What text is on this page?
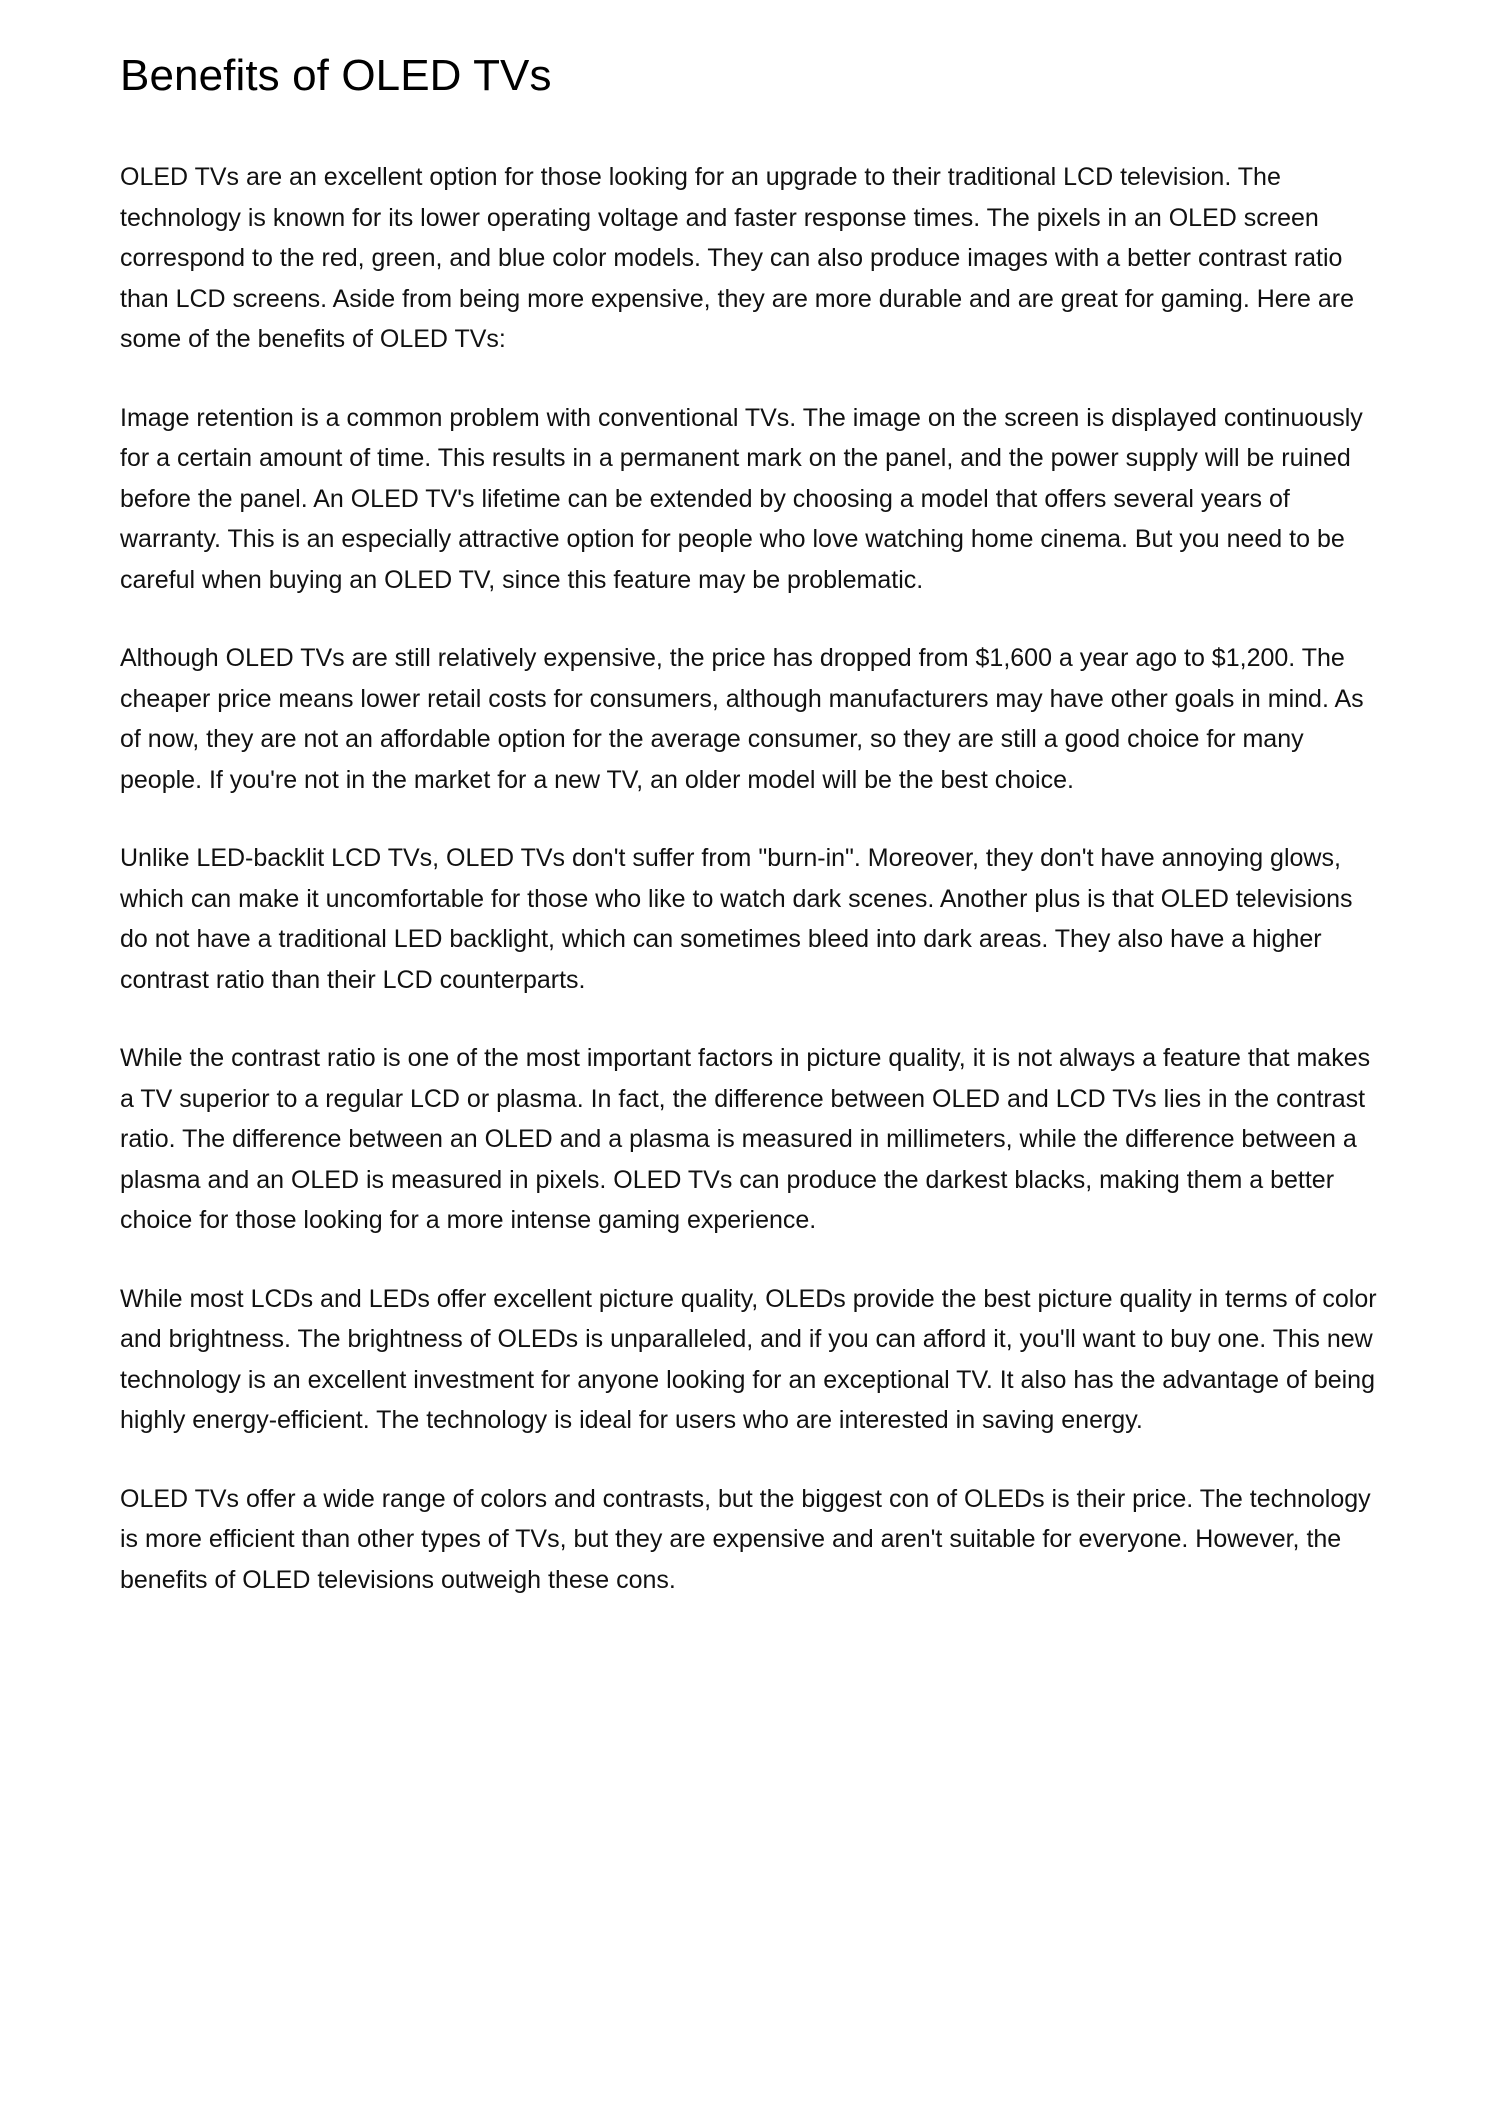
Benefits of OLED TVs

OLED TVs are an excellent option for those looking for an upgrade to their traditional LCD television. The technology is known for its lower operating voltage and faster response times. The pixels in an OLED screen correspond to the red, green, and blue color models. They can also produce images with a better contrast ratio than LCD screens. Aside from being more expensive, they are more durable and are great for gaming. Here are some of the benefits of OLED TVs:

Image retention is a common problem with conventional TVs. The image on the screen is displayed continuously for a certain amount of time. This results in a permanent mark on the panel, and the power supply will be ruined before the panel. An OLED TV's lifetime can be extended by choosing a model that offers several years of warranty. This is an especially attractive option for people who love watching home cinema. But you need to be careful when buying an OLED TV, since this feature may be problematic.

Although OLED TVs are still relatively expensive, the price has dropped from $1,600 a year ago to $1,200. The cheaper price means lower retail costs for consumers, although manufacturers may have other goals in mind. As of now, they are not an affordable option for the average consumer, so they are still a good choice for many people. If you're not in the market for a new TV, an older model will be the best choice.

Unlike LED-backlit LCD TVs, OLED TVs don't suffer from "burn-in". Moreover, they don't have annoying glows, which can make it uncomfortable for those who like to watch dark scenes. Another plus is that OLED televisions do not have a traditional LED backlight, which can sometimes bleed into dark areas. They also have a higher contrast ratio than their LCD counterparts.

While the contrast ratio is one of the most important factors in picture quality, it is not always a feature that makes a TV superior to a regular LCD or plasma. In fact, the difference between OLED and LCD TVs lies in the contrast ratio. The difference between an OLED and a plasma is measured in millimeters, while the difference between a plasma and an OLED is measured in pixels. OLED TVs can produce the darkest blacks, making them a better choice for those looking for a more intense gaming experience.

While most LCDs and LEDs offer excellent picture quality, OLEDs provide the best picture quality in terms of color and brightness. The brightness of OLEDs is unparalleled, and if you can afford it, you'll want to buy one. This new technology is an excellent investment for anyone looking for an exceptional TV. It also has the advantage of being highly energy-efficient. The technology is ideal for users who are interested in saving energy.

OLED TVs offer a wide range of colors and contrasts, but the biggest con of OLEDs is their price. The technology is more efficient than other types of TVs, but they are expensive and aren't suitable for everyone. However, the benefits of OLED televisions outweigh these cons.
